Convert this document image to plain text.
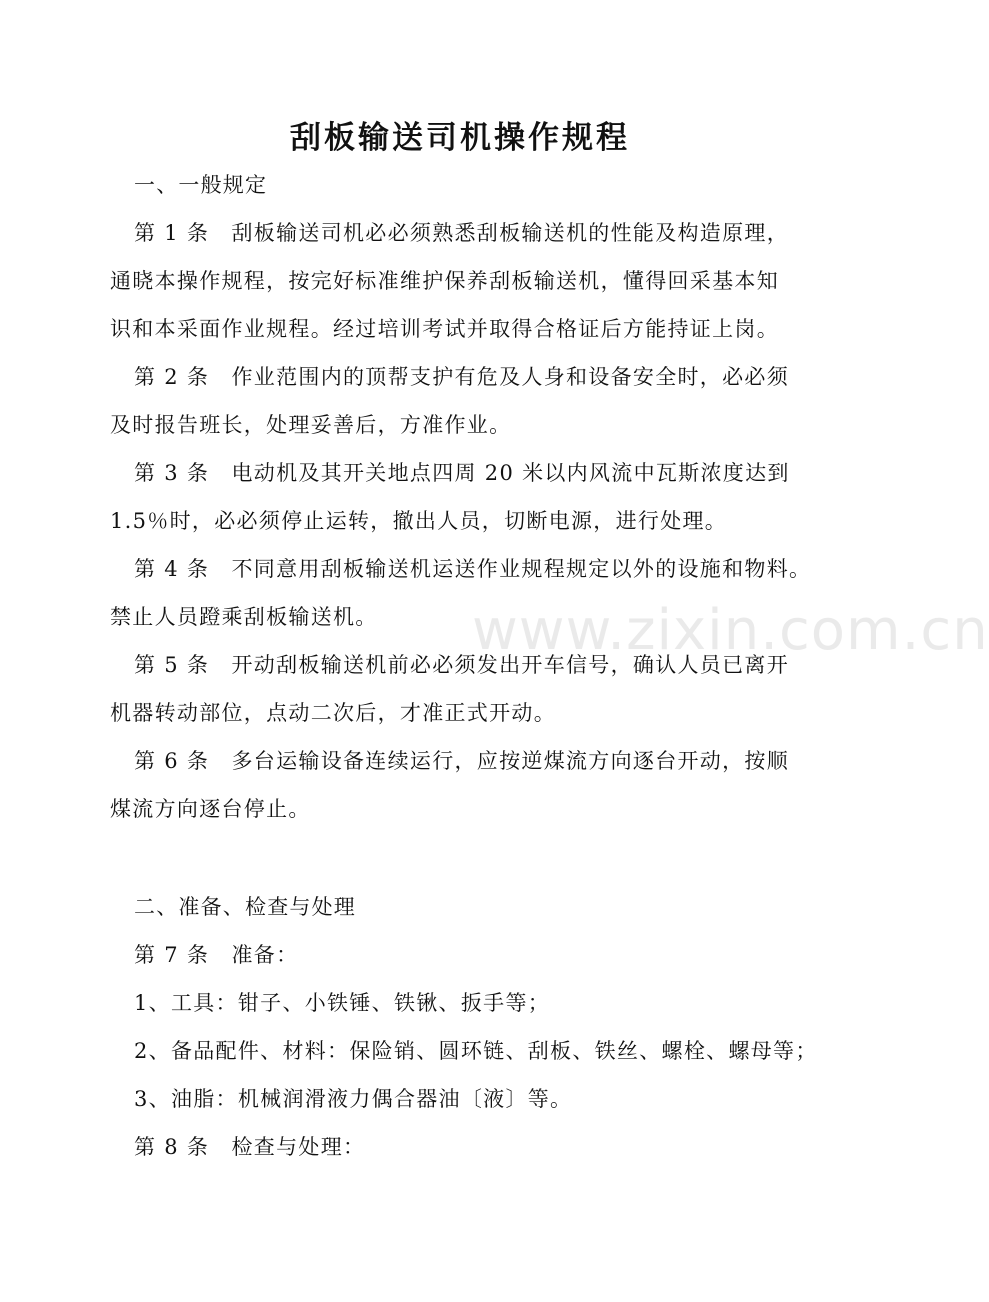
刮板输送司机操作规程
一、一般规定
第 1 条　刮板输送司机必必须熟悉刮板输送机的性能及构造原理，
通晓本操作规程，按完好标准维护保养刮板输送机，懂得回采基本知
识和本采面作业规程。经过培训考试并取得合格证后方能持证上岗。
第 2 条　作业范围内的顶帮支护有危及人身和设备安全时，必必须
及时报告班长，处理妥善后，方准作业。
第 3 条　电动机及其开关地点四周 20 米以内风流中瓦斯浓度达到
1.5％时，必必须停止运转，撤出人员，切断电源，进行处理。
第 4 条　不同意用刮板输送机运送作业规程规定以外的设施和物料。
禁止人员蹬乘刮板输送机。
第 5 条　开动刮板输送机前必必须发出开车信号，确认人员已离开
机器转动部位，点动二次后，才准正式开动。
第 6 条　多台运输设备连续运行，应按逆煤流方向逐台开动，按顺
煤流方向逐台停止。
二、准备、检查与处理
第 7 条　准备：
1、工具：钳子、小铁锤、铁锹、扳手等；
2、备品配件、材料：保险销、圆环链、刮板、铁丝、螺栓、螺母等；
3、油脂：机械润滑液力偶合器油〔液〕等。
第 8 条　检查与处理：
www.zixin.com.cn
